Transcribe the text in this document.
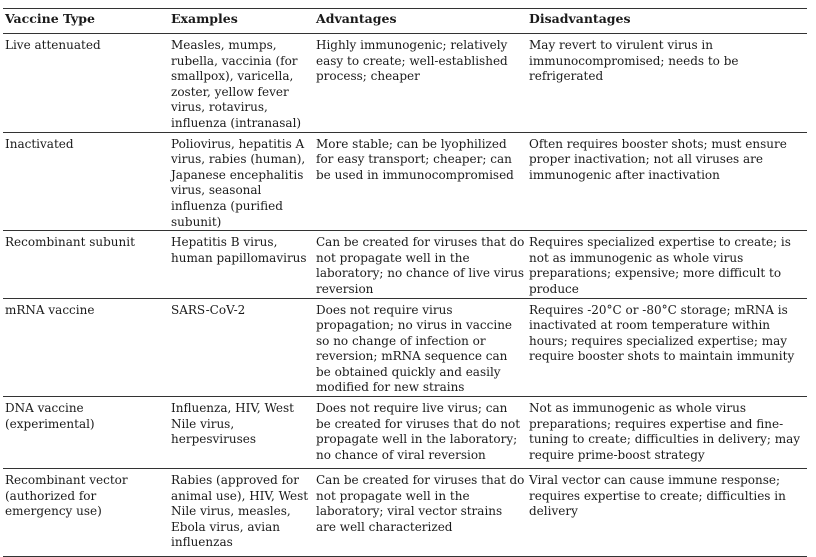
Vaccine Type	Examples	Advantages	Disadvantages
Live attenuated	Measles, mumps, rubella, vaccinia (for smallpox), varicella, zoster, yellow fever virus, rotavirus, influenza (intranasal)	Highly immunogenic; relatively easy to create; well-established process; cheaper	May revert to virulent virus in immunocompromised; needs to be refrigerated
Inactivated	Poliovirus, hepatitis A virus, rabies (human), Japanese encephalitis virus, seasonal influenza (purified subunit)	More stable; can be lyophilized for easy transport; cheaper; can be used in immunocompromised	Often requires booster shots; must ensure proper inactivation; not all viruses are immunogenic after inactivation
Recombinant subunit	Hepatitis B virus, human papillomavirus	Can be created for viruses that do not propagate well in the laboratory; no chance of live virus reversion	Requires specialized expertise to create; is not as immunogenic as whole virus preparations; expensive; more difficult to produce
mRNA vaccine	SARS-CoV-2	Does not require virus propagation; no virus in vaccine so no change of infection or reversion; mRNA sequence can be obtained quickly and easily modified for new strains	Requires -20°C or -80°C storage; mRNA is inactivated at room temperature within hours; requires specialized expertise; may require booster shots to maintain immunity
DNA vaccine (experimental)	Influenza, HIV, West Nile virus, herpesviruses	Does not require live virus; can be created for viruses that do not propagate well in the laboratory; no chance of viral reversion	Not as immunogenic as whole virus preparations; requires expertise and fine-tuning to create; difficulties in delivery; may require prime-boost strategy
Recombinant vector (authorized for emergency use)	Rabies (approved for animal use), HIV, West Nile virus, measles, Ebola virus, avian influenzas	Can be created for viruses that do not propagate well in the laboratory; viral vector strains are well characterized	Viral vector can cause immune response; requires expertise to create; difficulties in delivery
